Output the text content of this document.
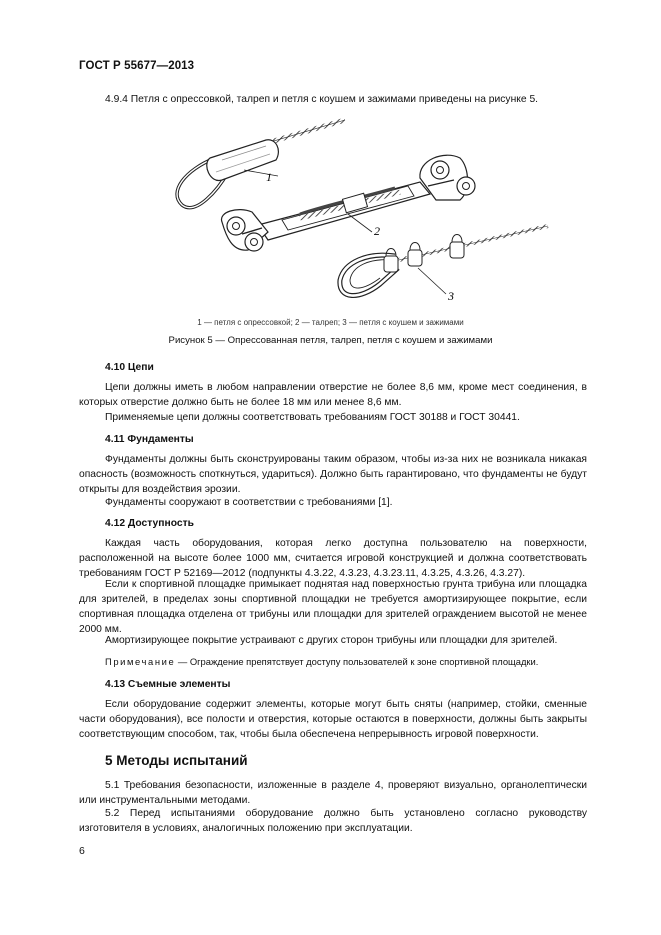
ГОСТ Р 55677—2013
4.9.4 Петля с опрессовкой, талреп и петля с коушем и зажимами приведены на рисунке 5.
1
2
3
1 — петля с опрессовкой; 2 — талреп; 3 — петля с коушем и зажимами
Рисунок 5 — Опрессованная петля, талреп, петля с коушем и зажимами
4.10 Цепи
Цепи должны иметь в любом направлении отверстие не более 8,6 мм, кроме мест соединения, в которых отверстие должно быть не более 18 мм или менее 8,6 мм.
Применяемые цепи должны соответствовать требованиям ГОСТ 30188 и ГОСТ 30441.
4.11 Фундаменты
Фундаменты должны быть сконструированы таким образом, чтобы из-за них не возникала никакая опасность (возможность споткнуться, удариться). Должно быть гарантировано, что фундаменты не будут открыты для воздействия эрозии.
Фундаменты сооружают в соответствии с требованиями [1].
4.12 Доступность
Каждая часть оборудования, которая легко доступна пользователю на поверхности, расположенной на высоте более 1000 мм, считается игровой конструкцией и должна соответствовать требованиям ГОСТ Р 52169—2012 (подпункты 4.3.22, 4.3.23, 4.3.23.11, 4.3.25, 4.3.26, 4.3.27).
Если к спортивной площадке примыкает поднятая над поверхностью грунта трибуна или площадка для зрителей, в пределах зоны спортивной площадки не требуется амортизирующее покрытие, если спортивная площадка отделена от трибуны или площадки для зрителей ограждением высотой не менее 2000 мм.
Амортизирующее покрытие устраивают с других сторон трибуны или площадки для зрителей.
Примечание — Ограждение препятствует доступу пользователей к зоне спортивной площадки.
4.13 Съемные элементы
Если оборудование содержит элементы, которые могут быть сняты (например, стойки, сменные части оборудования), все полости и отверстия, которые остаются в поверхности, должны быть закрыты соответствующим способом, так, чтобы была обеспечена непрерывность игровой поверхности.
5 Методы испытаний
5.1 Требования безопасности, изложенные в разделе 4, проверяют визуально, органолептически или инструментальными методами.
5.2 Перед испытаниями оборудование должно быть установлено согласно руководству изготовителя в условиях, аналогичных положению при эксплуатации.
6
